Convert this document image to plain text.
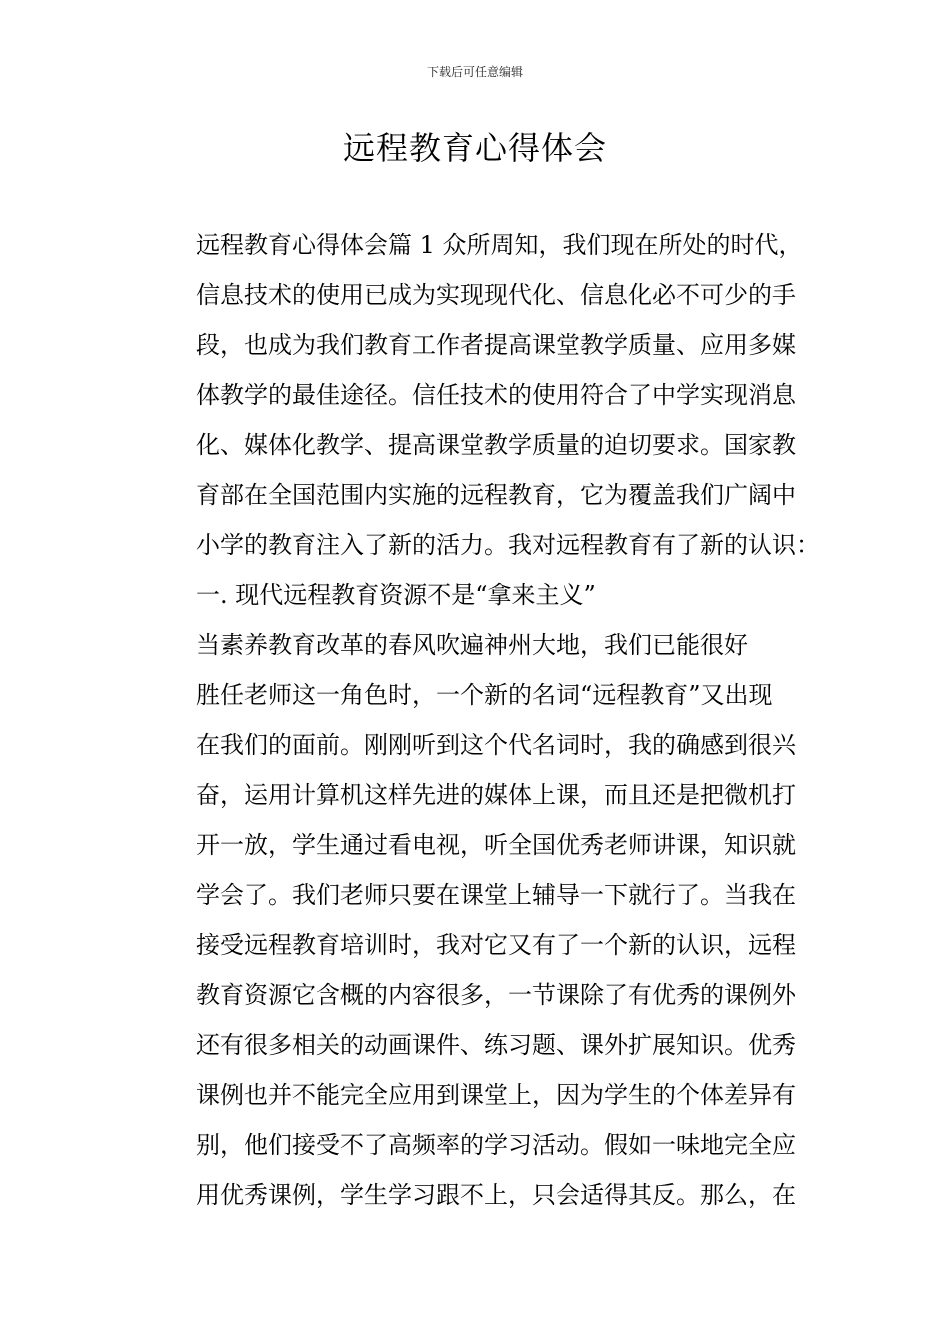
下载后可任意编辑
远程教育心得体会

远程教育心得体会篇 1 众所周知，我们现在所处的时代，
信息技术的使用已成为实现现代化、信息化必不可少的手
段，也成为我们教育工作者提高课堂教学质量、应用多媒
体教学的最佳途径。信任技术的使用符合了中学实现消息
化、媒体化教学、提高课堂教学质量的迫切要求。国家教
育部在全国范围内实施的远程教育，它为覆盖我们广阔中
小学的教育注入了新的活力。我对远程教育有了新的认识：

一. 现代远程教育资源不是“拿来主义”

当素养教育改革的春风吹遍神州大地，我们已能很好
胜任老师这一角色时，一个新的名词“远程教育”又出现
在我们的面前。刚刚听到这个代名词时，我的确感到很兴
奋，运用计算机这样先进的媒体上课，而且还是把微机打
开一放，学生通过看电视，听全国优秀老师讲课，知识就
学会了。我们老师只要在课堂上辅导一下就行了。当我在
接受远程教育培训时，我对它又有了一个新的认识，远程
教育资源它含概的内容很多，一节课除了有优秀的课例外
还有很多相关的动画课件、练习题、课外扩展知识。优秀
课例也并不能完全应用到课堂上，因为学生的个体差异有
别，他们接受不了高频率的学习活动。假如一味地完全应
用优秀课例，学生学习跟不上，只会适得其反。那么，在
